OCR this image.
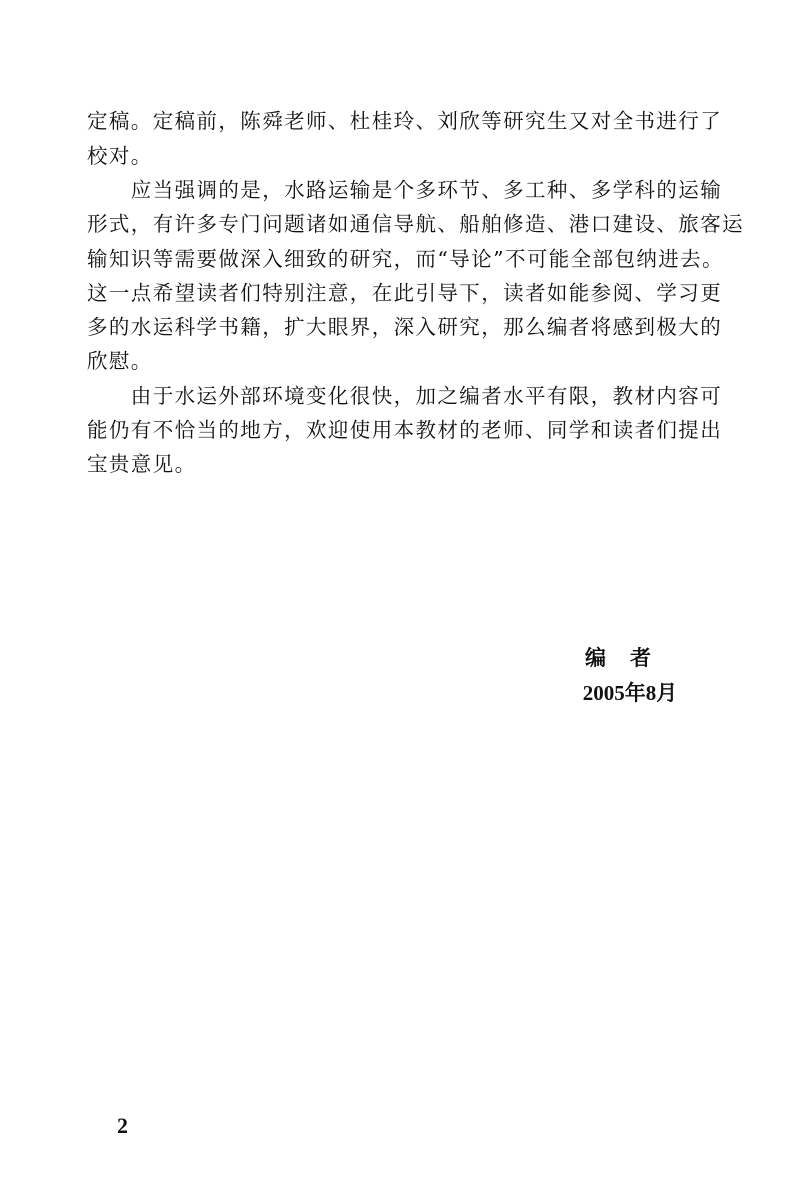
定稿。定稿前，陈舜老师、杜桂玲、刘欣等研究生又对全书进行了
校对。
　　应当强调的是，水路运输是个多环节、多工种、多学科的运输
形式，有许多专门问题诸如通信导航、船舶修造、港口建设、旅客运
输知识等需要做深入细致的研究，而“导论”不可能全部包纳进去。
这一点希望读者们特别注意，在此引导下，读者如能参阅、学习更
多的水运科学书籍，扩大眼界，深入研究，那么编者将感到极大的
欣慰。
　　由于水运外部环境变化很快，加之编者水平有限，教材内容可
能仍有不恰当的地方，欢迎使用本教材的老师、同学和读者们提出
宝贵意见。
编者
2005年8月
2
